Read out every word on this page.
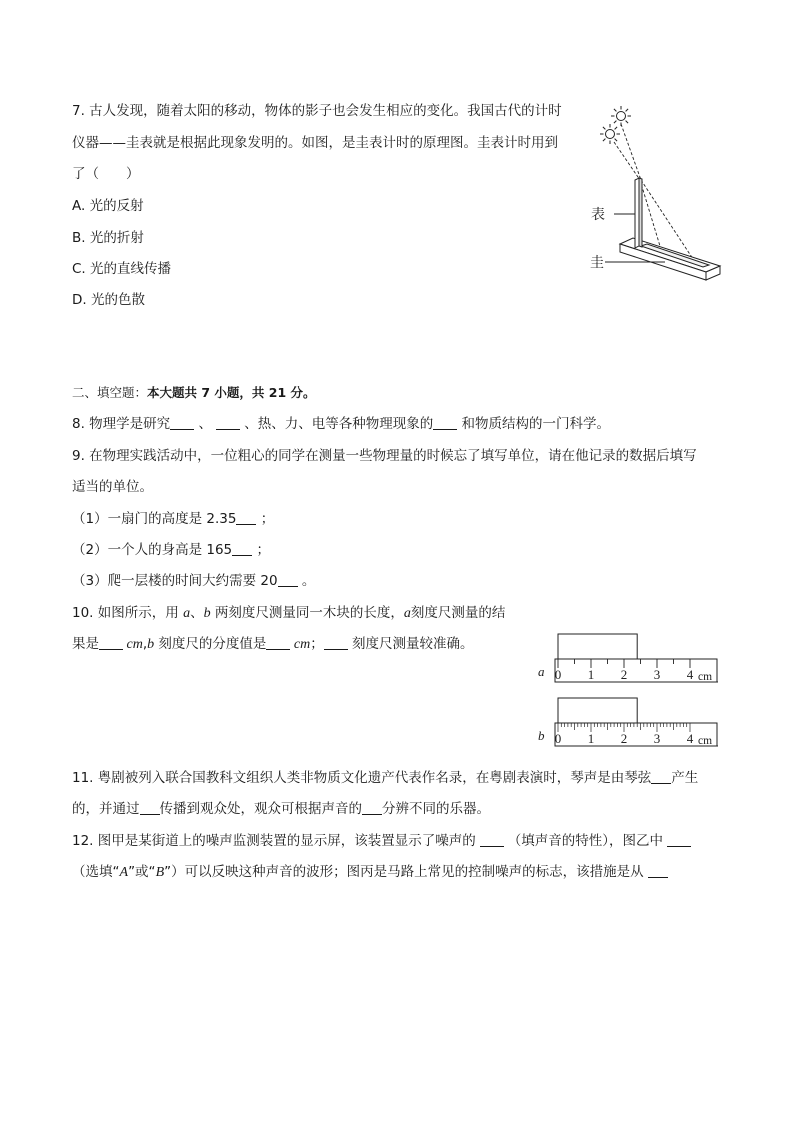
7. 古人发现，随着太阳的移动，物体的影子也会发生相应的变化。我国古代的计时
仪器——圭表就是根据此现象发明的。如图，是圭表计时的原理图。圭表计时用到
了（　　）
A. 光的反射
B. 光的折射
C. 光的直线传播
D. 光的色散
表
圭
二、填空题：本大题共 7 小题，共 21 分。
8. 物理学是研究 、 、热、力、电等各种物理现象的 和物质结构的一门科学。
9. 在物理实践活动中，一位粗心的同学在测量一些物理量的时候忘了填写单位，请在他记录的数据后填写
适当的单位。
（1）一扇门的高度是 2.35 ；
（2）一个人的身高是 165 ；
（3）爬一层楼的时间大约需要 20 。
10. 如图所示，用 a、b 两刻度尺测量同一木块的长度，a刻度尺测量的结
果是 cm,b 刻度尺的分度值是 cm； 刻度尺测量较准确。
a 0 1 2 3 4 cm
b 0 1 2 3 4 cm
11. 粤剧被列入联合国教科文组织人类非物质文化遗产代表作名录，在粤剧表演时，琴声是由琴弦 产生
的，并通过 传播到观众处，观众可根据声音的 分辨不同的乐器。
12. 图甲是某街道上的噪声监测装置的显示屏，该装置显示了噪声的 （填声音的特性），图乙中
（选填“A”或“B”）可以反映这种声音的波形；图丙是马路上常见的控制噪声的标志，该措施是从
